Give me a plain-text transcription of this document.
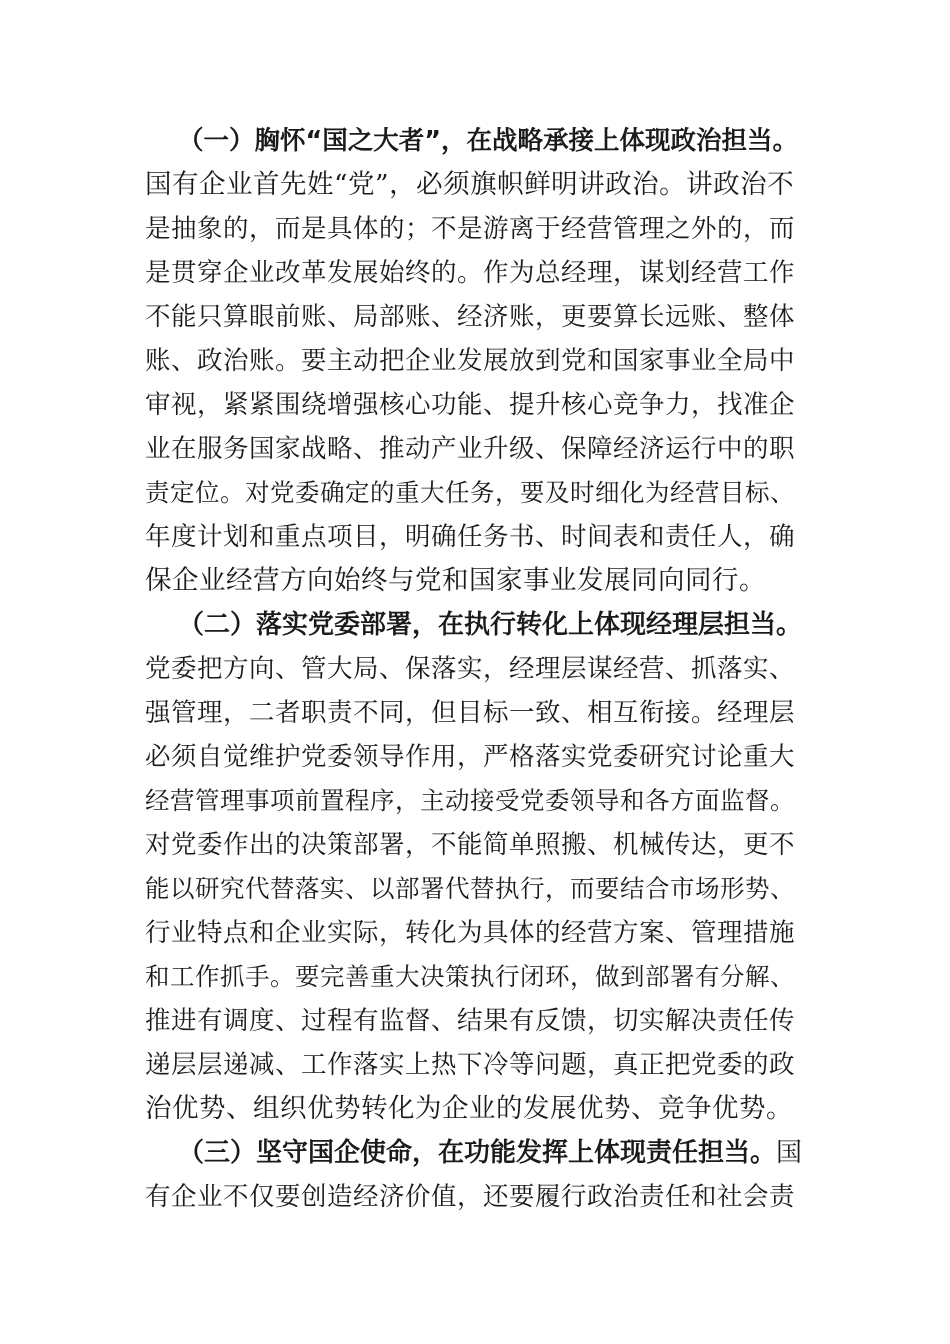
（一）胸怀“国之大者”，在战略承接上体现政治担当。
国有企业首先姓“党”，必须旗帜鲜明讲政治。讲政治不
是抽象的，而是具体的；不是游离于经营管理之外的，而
是贯穿企业改革发展始终的。作为总经理，谋划经营工作
不能只算眼前账、局部账、经济账，更要算长远账、整体
账、政治账。要主动把企业发展放到党和国家事业全局中
审视，紧紧围绕增强核心功能、提升核心竞争力，找准企
业在服务国家战略、推动产业升级、保障经济运行中的职
责定位。对党委确定的重大任务，要及时细化为经营目标、
年度计划和重点项目，明确任务书、时间表和责任人，确
保企业经营方向始终与党和国家事业发展同向同行。
（二）落实党委部署，在执行转化上体现经理层担当。
党委把方向、管大局、保落实，经理层谋经营、抓落实、
强管理，二者职责不同，但目标一致、相互衔接。经理层
必须自觉维护党委领导作用，严格落实党委研究讨论重大
经营管理事项前置程序，主动接受党委领导和各方面监督。
对党委作出的决策部署，不能简单照搬、机械传达，更不
能以研究代替落实、以部署代替执行，而要结合市场形势、
行业特点和企业实际，转化为具体的经营方案、管理措施
和工作抓手。要完善重大决策执行闭环，做到部署有分解、
推进有调度、过程有监督、结果有反馈，切实解决责任传
递层层递减、工作落实上热下冷等问题，真正把党委的政
治优势、组织优势转化为企业的发展优势、竞争优势。
（三）坚守国企使命，在功能发挥上体现责任担当。国
有企业不仅要创造经济价值，还要履行政治责任和社会责
